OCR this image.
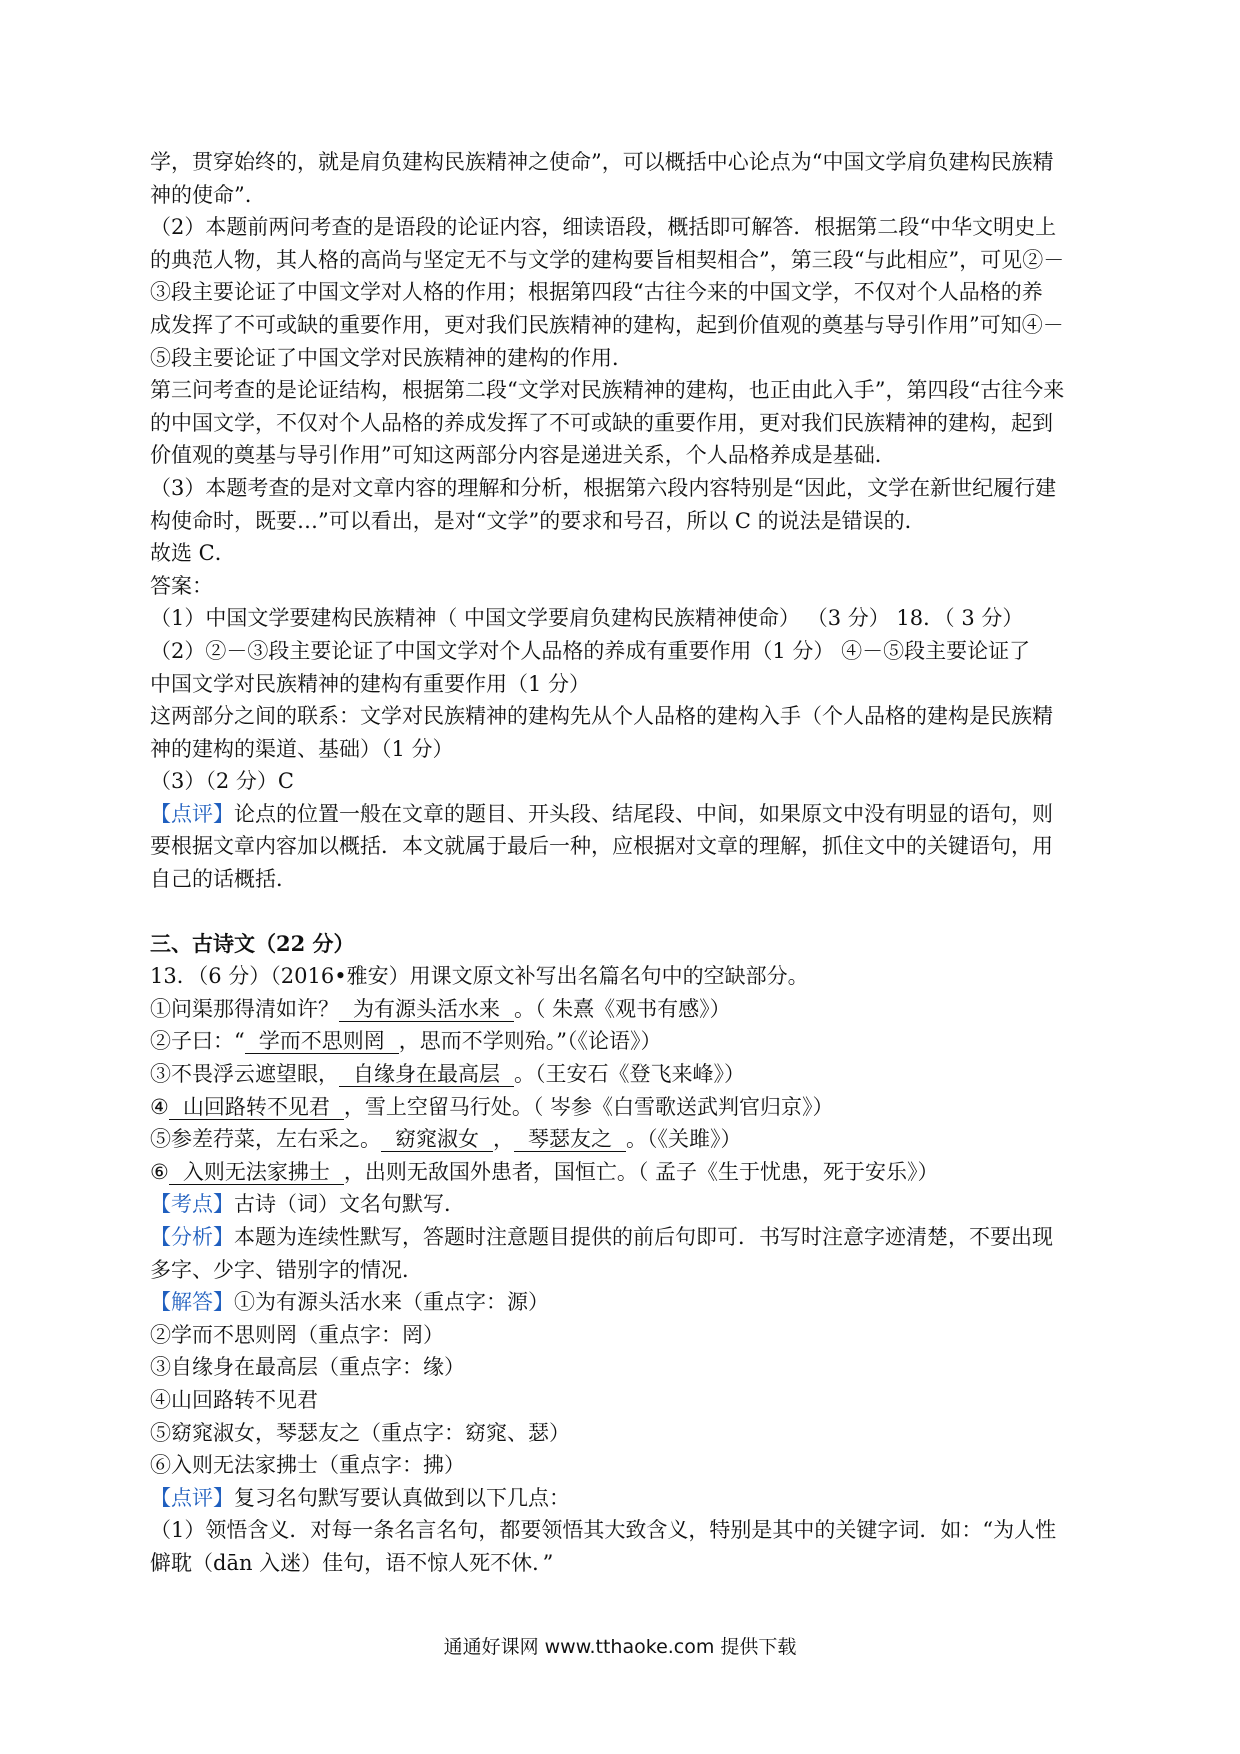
学，贯穿始终的，就是肩负建构民族精神之使命”，可以概括中心论点为“中国文学肩负建构民族精
神的使命”.
（2）本题前两问考查的是语段的论证内容，细读语段，概括即可解答．根据第二段“中华文明史上
的典范人物，其人格的高尚与坚定无不与文学的建构要旨相契相合”，第三段“与此相应”，可见②－
③段主要论证了中国文学对人格的作用；根据第四段“古往今来的中国文学，不仅对个人品格的养
成发挥了不可或缺的重要作用，更对我们民族精神的建构，起到价值观的奠基与导引作用”可知④－
⑤段主要论证了中国文学对民族精神的建构的作用．
第三问考查的是论证结构，根据第二段“文学对民族精神的建构，也正由此入手”，第四段“古往今来
的中国文学，不仅对个人品格的养成发挥了不可或缺的重要作用，更对我们民族精神的建构，起到
价值观的奠基与导引作用”可知这两部分内容是递进关系，个人品格养成是基础．
（3）本题考查的是对文章内容的理解和分析，根据第六段内容特别是“因此，文学在新世纪履行建
构使命时，既要…”可以看出，是对“文学”的要求和号召，所以 C 的说法是错误的．
故选 C．
答案：
（1）中国文学要建构民族精神（ 中国文学要肩负建构民族精神使命） （3 分） 18．（ 3 分）
（2）②－③段主要论证了中国文学对个人品格的养成有重要作用（1 分） ④－⑤段主要论证了
中国文学对民族精神的建构有重要作用（1 分）
这两部分之间的联系：文学对民族精神的建构先从个人品格的建构入手（个人品格的建构是民族精
神的建构的渠道、基础）（1 分）
（3）（2 分）C
【点评】论点的位置一般在文章的题目、开头段、结尾段、中间，如果原文中没有明显的语句，则
要根据文章内容加以概括．本文就属于最后一种，应根据对文章的理解，抓住文中的关键语句，用
自己的话概括．
三、古诗文（22 分）
13．（6 分）（2016•雅安）用课文原文补写出名篇名句中的空缺部分。
①问渠那得清如许？ 为有源头活水来 。（ 朱熹《观书有感》）
②子曰：“ 学而不思则罔 ，思而不学则殆。”（《论语》）
③不畏浮云遮望眼， 自缘身在最高层 。（王安石《登飞来峰》）
④ 山回路转不见君 ，雪上空留马行处。（ 岑参《白雪歌送武判官归京》）
⑤参差荇菜，左右采之。 窈窕淑女 ， 琴瑟友之 。（《关雎》）
⑥ 入则无法家拂士 ，出则无敌国外患者，国恒亡。（ 孟子《生于忧患，死于安乐》）
【考点】古诗（词）文名句默写．
【分析】本题为连续性默写，答题时注意题目提供的前后句即可．书写时注意字迹清楚，不要出现
多字、少字、错别字的情况．
【解答】①为有源头活水来（重点字：源）
②学而不思则罔（重点字：罔）
③自缘身在最高层（重点字：缘）
④山回路转不见君
⑤窈窕淑女，琴瑟友之（重点字：窈窕、瑟）
⑥入则无法家拂士（重点字：拂）
【点评】复习名句默写要认真做到以下几点：
（1）领悟含义．对每一条名言名句，都要领悟其大致含义，特别是其中的关键字词．如：“为人性
僻耽（dān 入迷）佳句，语不惊人死不休．”
通通好课网 www.tthaoke.com 提供下载
